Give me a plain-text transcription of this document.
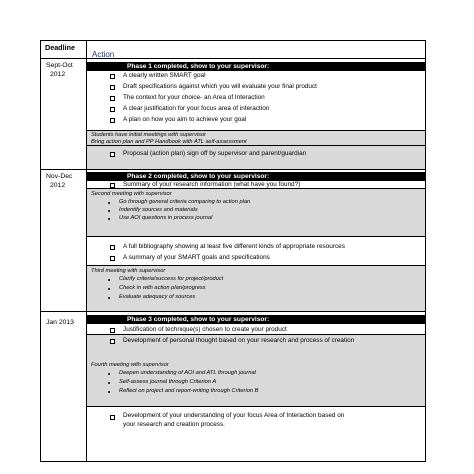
Deadline
Action
Sept-Oct
2012
Nov-Dec
2012
Jan 2013
Phase 1 completed, show to your supervisor:
A clearly written SMART goal
Draft specifications against which you will evaluate your final product
The context for your choice- an Area of Interaction
A clear justification for your focus area of interaction
A plan on how you aim to achieve your goal
Students have initial meetings with supervisor
Bring action plan and PP Handbook with ATL self-assessment
Proposal (action plan) sign off by supervisor and parent/guardian
Phase 2 completed, show to your supervisor:
Summary of your research information (what have you found?)
Second meeting with supervisor
Go through general criteria comparing to action plan
Indentify sources and materials
Use AOI questions in process journal
A full bibliography showing at least five different kinds of appropriate resources
A summary of your SMART goals and specifications
Third meeting with supervisor
Clarify criteria/success for project/product
Check in with action plan/progress
Evaluate adequacy of sources
Phase 3 completed, show to your supervisor:
Justification of technique(s) chosen to create your product
Development of personal thought based on your research and process of creation
Fourth meeting with supervisor
Deepen understanding of AOI and ATL through journal
Self-assess journal through Criterion A
Reflect on project and report-writing through Criterion B
Development of your understanding of your focus Area of Interaction based on
your research and creation process.
